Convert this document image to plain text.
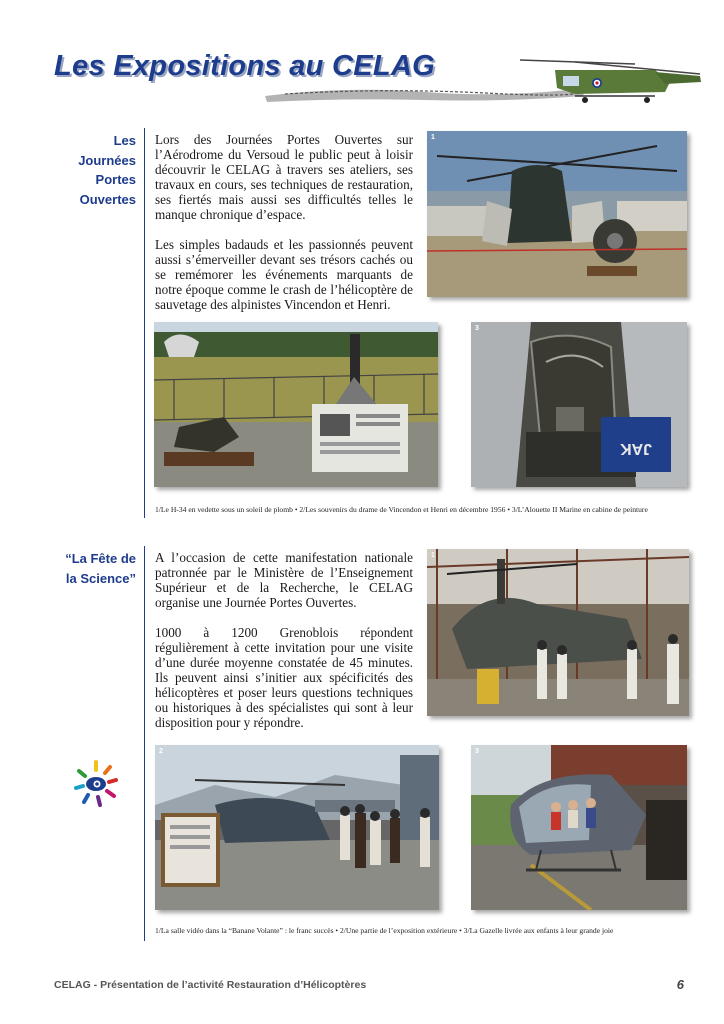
Les Expositions au CELAG
Les
Journées
Portes
Ouvertes

Lors des Journées Portes Ouvertes sur l’Aérodrome du Versoud le public peut à loisir découvrir le CELAG à travers ses ateliers, ses travaux en cours, ses techniques de restauration, ses fiertés mais aussi ses difficultés telles le manque chronique d’espace.

Les simples badauds et les passionnés peuvent aussi s’émerveiller devant ses trésors cachés ou se remémorer les événements marquants de notre époque comme le crash de l’hélicoptère de sauvetage des alpinistes Vincendon et Henri.

1
JAK
3
1/Le H-34 en vedette sous un soleil de plomb • 2/Les souvenirs du drame de Vincendon et Henri en décembre 1956 • 3/L’Alouette II Marine en cabine de peinture
“La Fête de
la Science”

A l’occasion de cette manifestation nationale patronnée par le Ministère de l’Enseignement Supérieur et de la Recherche, le CELAG organise une Journée Portes Ouvertes.

1000 à 1200 Grenoblois répondent régulièrement à cette invitation pour une visite d’une durée moyenne constatée de 45 minutes. Ils peuvent ainsi s’initier aux spécificités des hélicoptères et poser leurs questions techniques ou historiques à des spécialistes qui sont à leur disposition pour y répondre.

1
2	3
1/La salle vidéo dans la “Banane Volante” : le franc succès • 2/Une partie de l’exposition extérieure • 3/La Gazelle livrée aux enfants à leur grande joie
CELAG - Présentation de l’activité Restauration d’Hélicoptères	6
